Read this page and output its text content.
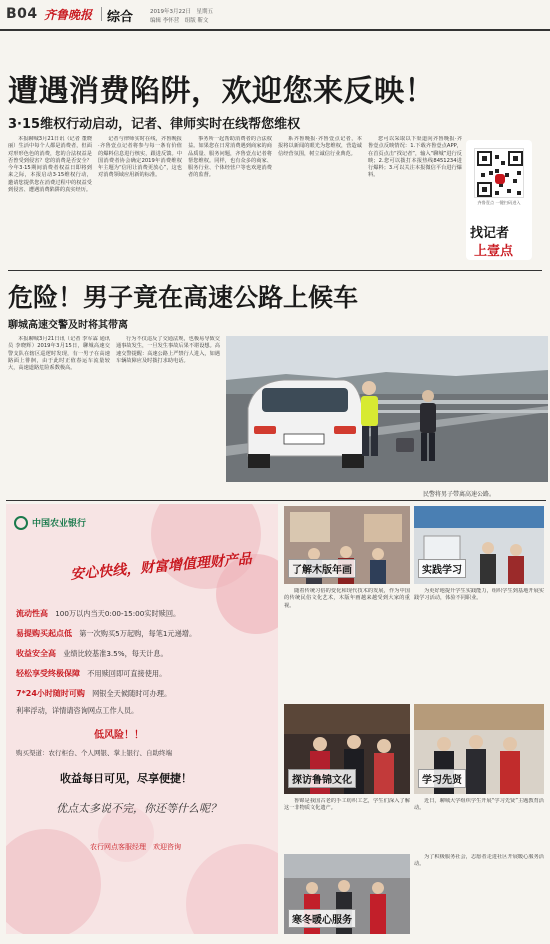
B04 齐鲁晚报 综合	2019年3月22日　星期五
编辑 李怀营　组版 靳文
遭遇消费陷阱，欢迎您来反映！
3·15维权行动启动，记者、律师实时在线帮您维权

本报聊城3月21日讯（记者 董晓丽）生活中每个人都是消费者，但面对形形色色的消费，您的合法权益是否曾受到侵害？您的消费是否安全？今年3·15期间消费者权益日即将到来之际，本报启动3·15维权行动，邀请您提供您在消费过程中的权益受到侵害、遭遇消费陷阱的真实经历。

记者与律师实时在线，齐鲁晚报·齐鲁壹点记者将参与每一条有价值的爆料信息进行核实，跟进反馈。中国消费者协会确定2019年消费维权年主题为“信用让消费更放心”，这也对消费领域应用新的标准。

事务所一起帮助消费者的合法权益。如果您在日常消费遇到商家的商品质量、服务问题，齐鲁壹点记者将帮您维权。同样，也有众多的商家、服务行业、个体经营户等也欢迎消费者的监督。

系齐鲁晚报·齐鲁壹点记者，本报将以新闻的眼光为您维权，营造诚信经营氛围，树立诚信行业典范。

您可以采取以下渠道向齐鲁晚报·齐鲁壹点反映情况：1.下载齐鲁壹点APP，在首页点击“找记者”，输入“聊城”进行反映；2.您可以拨打本报热线8451234进行爆料；3.可以关注本报微信平台进行爆料。

齐鲁壹点 一键扫码进入
找记者
上壹点
危险！男子竟在高速公路上候车
聊城高速交警及时将其带离

本报聊城3月21日讯（记者 李军霖 通讯员 李晓辉）2019年3月15日，聊城高速交警支队在辖区巡逻时发现，有一男子在高速路面上徘徊，由于此时正值春运车流量较大，高速道路危险系数极高。

行为不仅违反了交通法规，也极易导致交通事故发生，一旦发生事故后果不堪设想。高速交警提醒：高速公路上严禁行人进入，如遇车辆故障应及时拨打求助电话。

民警将男子带离高速公路。
中国农业银行
安心快线，财富增值理财产品
流动性高　 100万以内当天0:00-15:00实时赎回。
易提购买起点低　 第一次购买5万起购，每笔1元递增。
收益安全高　 业绩比较基准3.5%，每天计息。
轻松享受终极保障　 不用赎回即可直接使用。
7*24小时随时可购　 网银全天候随时可办理。
利率浮动，详情请咨询网点工作人员。
低风险！！
购买渠道：农行柜台、个人网银、掌上银行、自助终端
收益每日可见，尽享便捷！
优点太多说不完，你还等什么呢？
农行网点客服经理　欢迎咨询
了解木版年画	实践学习

随着传统习俗的变化和现代技术的发展，作为中国的传统民俗文化艺术，木版年画越来越受到大家的重视。

为更好地提升学生实践能力，组织学生到基地开展实践学习活动，体验不同职业。

探访鲁锦文化	学习先贤

鲁锦是我国古老的手工纺织工艺，学生们深入了解这一非物质文化遗产。

近日，聊城大学组织学生开展“学习先贤”主题教育活动。

寒冬暖心服务

为了积极服务社会，志愿者走进社区开展暖心服务活动。
